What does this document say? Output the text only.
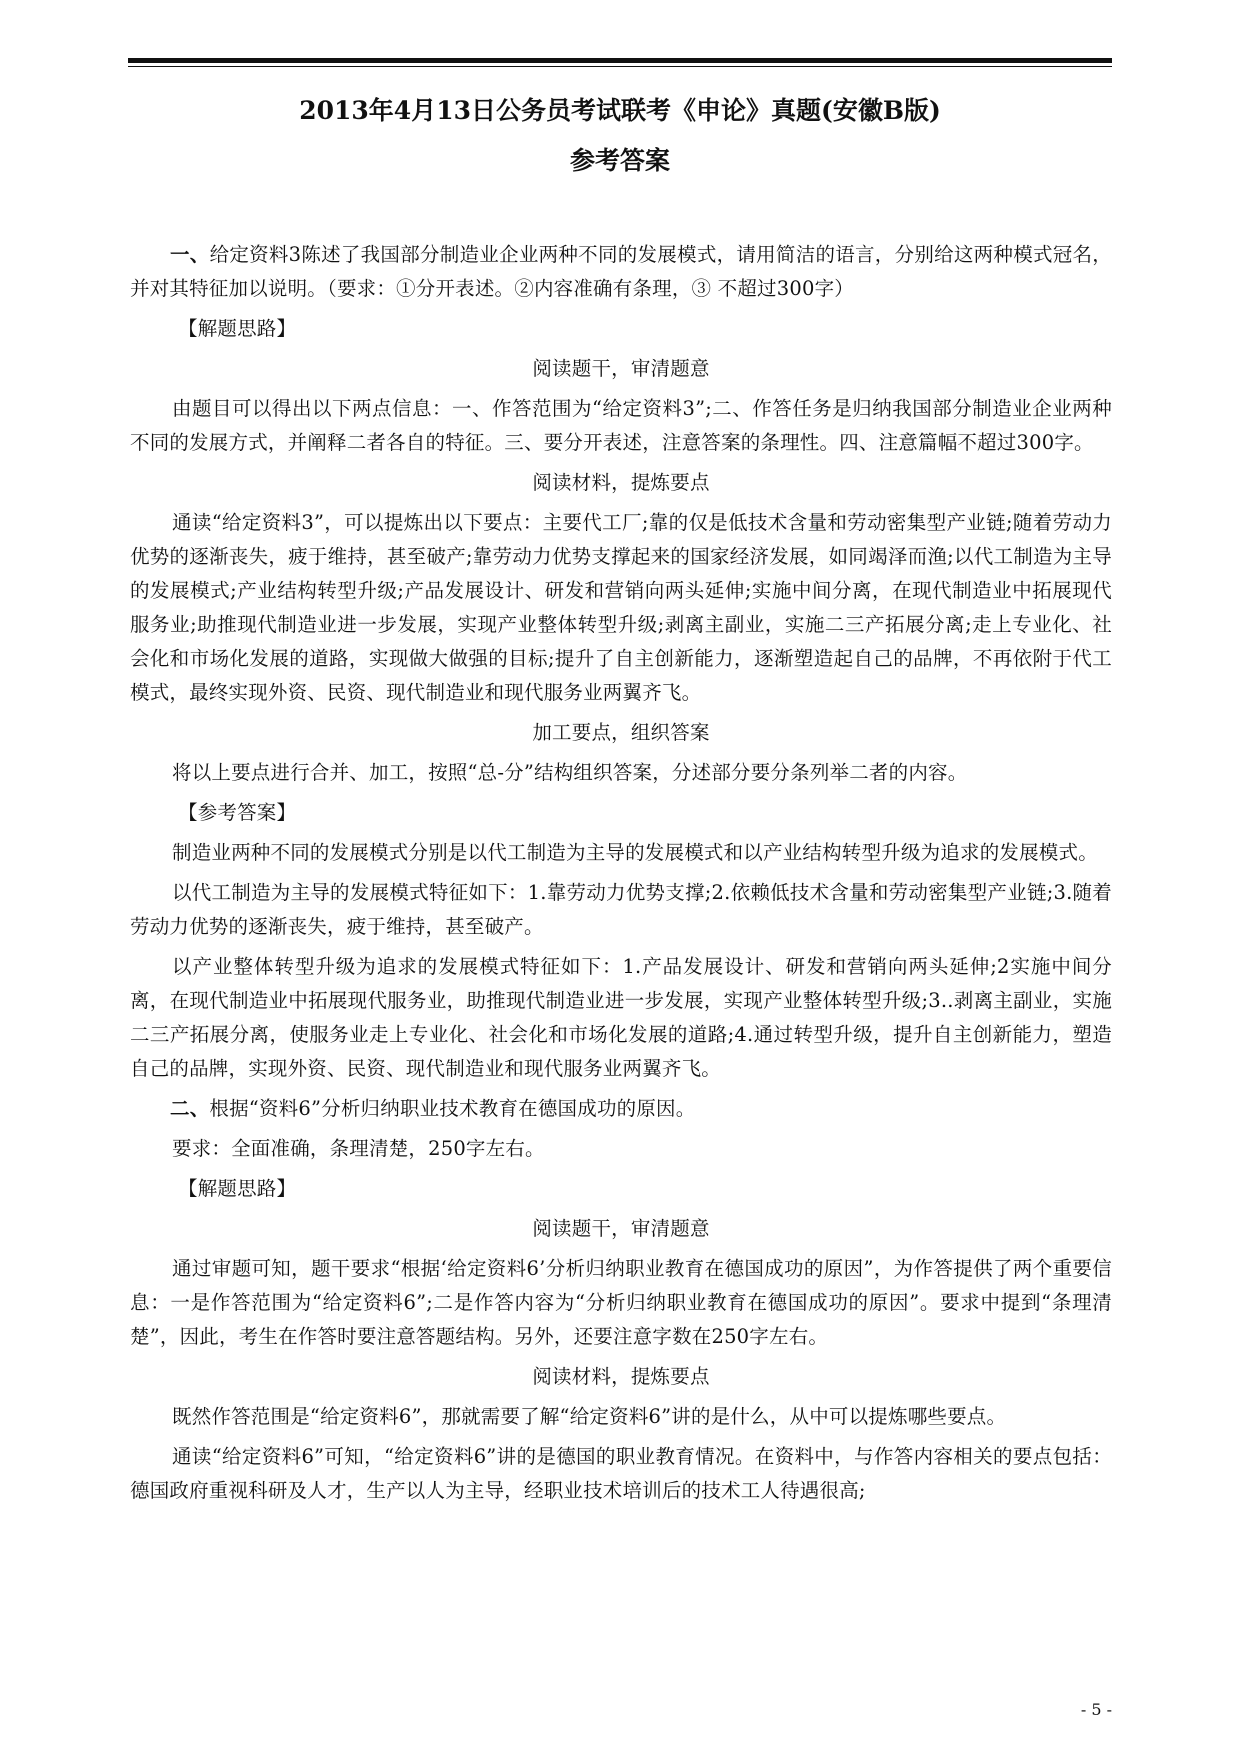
2013年4月13日公务员考试联考《申论》真题(安徽B版)
参考答案

一、给定资料3陈述了我国部分制造业企业两种不同的发展模式，请用简洁的语言，分别给这两种模式冠名，并对其特征加以说明。（要求：①分开表述。②内容准确有条理，③ 不超过300字）

【解题思路】

阅读题干，审清题意

由题目可以得出以下两点信息：一、作答范围为“给定资料3”;二、作答任务是归纳我国部分制造业企业两种不同的发展方式，并阐释二者各自的特征。三、要分开表述，注意答案的条理性。四、注意篇幅不超过300字。

阅读材料，提炼要点

通读“给定资料3”，可以提炼出以下要点：主要代工厂;靠的仅是低技术含量和劳动密集型产业链;随着劳动力优势的逐渐丧失，疲于维持，甚至破产;靠劳动力优势支撑起来的国家经济发展，如同竭泽而渔;以代工制造为主导的发展模式;产业结构转型升级;产品发展设计、研发和营销向两头延伸;实施中间分离，在现代制造业中拓展现代服务业;助推现代制造业进一步发展，实现产业整体转型升级;剥离主副业，实施二三产拓展分离;走上专业化、社会化和市场化发展的道路，实现做大做强的目标;提升了自主创新能力，逐渐塑造起自己的品牌，不再依附于代工模式，最终实现外资、民资、现代制造业和现代服务业两翼齐飞。

加工要点，组织答案

将以上要点进行合并、加工，按照“总-分”结构组织答案，分述部分要分条列举二者的内容。

【参考答案】

制造业两种不同的发展模式分别是以代工制造为主导的发展模式和以产业结构转型升级为追求的发展模式。

以代工制造为主导的发展模式特征如下：1.靠劳动力优势支撑;2.依赖低技术含量和劳动密集型产业链;3.随着劳动力优势的逐渐丧失，疲于维持，甚至破产。

以产业整体转型升级为追求的发展模式特征如下：1.产品发展设计、研发和营销向两头延伸;2实施中间分离，在现代制造业中拓展现代服务业，助推现代制造业进一步发展，实现产业整体转型升级;3..剥离主副业，实施二三产拓展分离，使服务业走上专业化、社会化和市场化发展的道路;4.通过转型升级，提升自主创新能力，塑造自己的品牌，实现外资、民资、现代制造业和现代服务业两翼齐飞。

二、根据“资料6”分析归纳职业技术教育在德国成功的原因。

要求：全面准确，条理清楚，250字左右。

【解题思路】

阅读题干，审清题意

通过审题可知，题干要求“根据‘给定资料6’分析归纳职业教育在德国成功的原因”，为作答提供了两个重要信息：一是作答范围为“给定资料6”;二是作答内容为“分析归纳职业教育在德国成功的原因”。要求中提到“条理清楚”，因此，考生在作答时要注意答题结构。另外，还要注意字数在250字左右。

阅读材料，提炼要点

既然作答范围是“给定资料6”，那就需要了解“给定资料6”讲的是什么，从中可以提炼哪些要点。

通读“给定资料6”可知，“给定资料6”讲的是德国的职业教育情况。在资料中，与作答内容相关的要点包括：德国政府重视科研及人才，生产以人为主导，经职业技术培训后的技术工人待遇很高;

- 5 -
